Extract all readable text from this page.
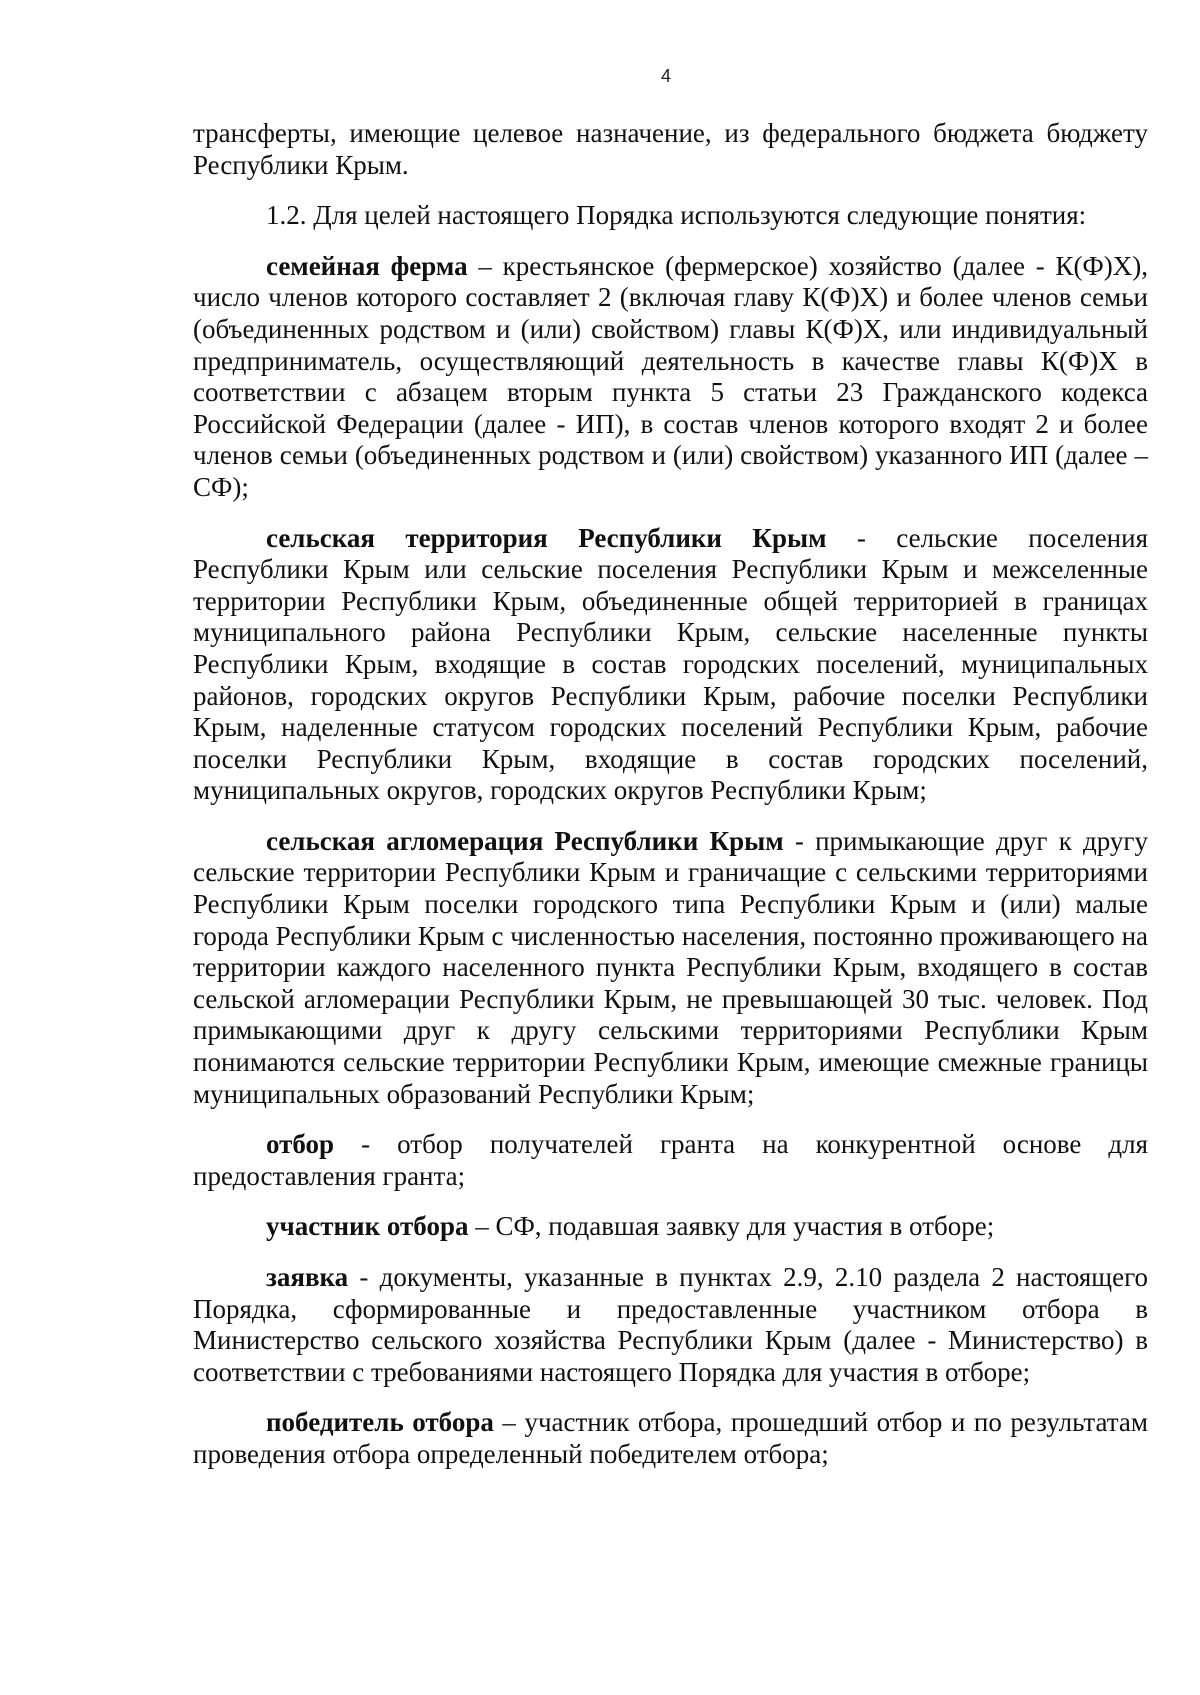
4

трансферты, имеющие целевое назначение, из федерального бюджета бюджету Республики Крым.

1.2. Для целей настоящего Порядка используются следующие понятия:

семейная ферма – крестьянское (фермерское) хозяйство (далее - К(Ф)Х), число членов которого составляет 2 (включая главу К(Ф)Х) и более членов семьи (объединенных родством и (или) свойством) главы К(Ф)Х, или индивидуальный предприниматель, осуществляющий деятельность в качестве главы К(Ф)Х в соответствии с абзацем вторым пункта 5 статьи 23 Гражданского кодекса Российской Федерации (далее - ИП), в состав членов которого входят 2 и более членов семьи (объединенных родством и (или) свойством) указанного ИП (далее – СФ);

сельская территория Республики Крым - сельские поселения Республики Крым или сельские поселения Республики Крым и межселенные территории Республики Крым, объединенные общей территорией в границах муниципального района Республики Крым, сельские населенные пункты Республики Крым, входящие в состав городских поселений, муниципальных районов, городских округов Республики Крым, рабочие поселки Республики Крым, наделенные статусом городских поселений Республики Крым, рабочие поселки Республики Крым, входящие в состав городских поселений, муниципальных округов, городских округов Республики Крым;

сельская агломерация Республики Крым - примыкающие друг к другу сельские территории Республики Крым и граничащие с сельскими территориями Республики Крым поселки городского типа Республики Крым и (или) малые города Республики Крым с численностью населения, постоянно проживающего на территории каждого населенного пункта Республики Крым, входящего в состав сельской агломерации Республики Крым, не превышающей 30 тыс. человек. Под примыкающими друг к другу сельскими территориями Республики Крым понимаются сельские территории Республики Крым, имеющие смежные границы муниципальных образований Республики Крым;

отбор - отбор получателей гранта на конкурентной основе для предоставления гранта;

участник отбора – СФ, подавшая заявку для участия в отборе;

заявка - документы, указанные в пунктах 2.9, 2.10 раздела 2 настоящего Порядка, сформированные и предоставленные участником отбора в Министерство сельского хозяйства Республики Крым (далее - Министерство) в соответствии с требованиями настоящего Порядка для участия в отборе;

победитель отбора – участник отбора, прошедший отбор и по результатам проведения отбора определенный победителем отбора;
